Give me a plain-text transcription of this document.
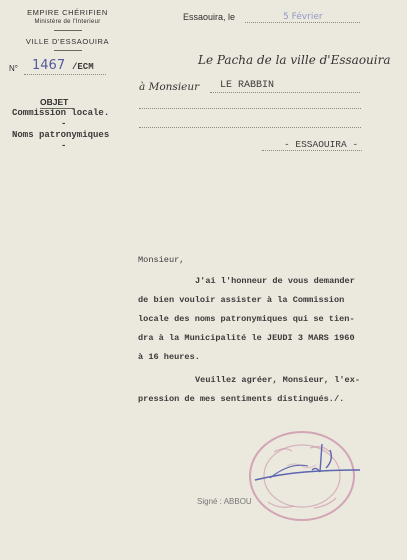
EMPIRE CHÉRIFIEN
Ministère de l'Interieur
VILLE D'ESSAOUIRA
N° 1467 /ECM
OBJET
Commission locale.
-
Noms patronymiques
-
Essaouira, le	5 Février
Le Pacha de la ville d'Essaouira
à Monsieur LE RABBIN
- ESSAOUIRA -
Monsieur,
J'ai l'honneur de vous demander
de bien vouloir assister à la Commission
locale des noms patronymiques qui se tien-
dra à la Municipalité le JEUDI 3 MARS 1960
à 16 heures.
Veuillez agréer, Monsieur, l'ex-
pression de mes sentiments distingués./.
Signé : ABBOU
